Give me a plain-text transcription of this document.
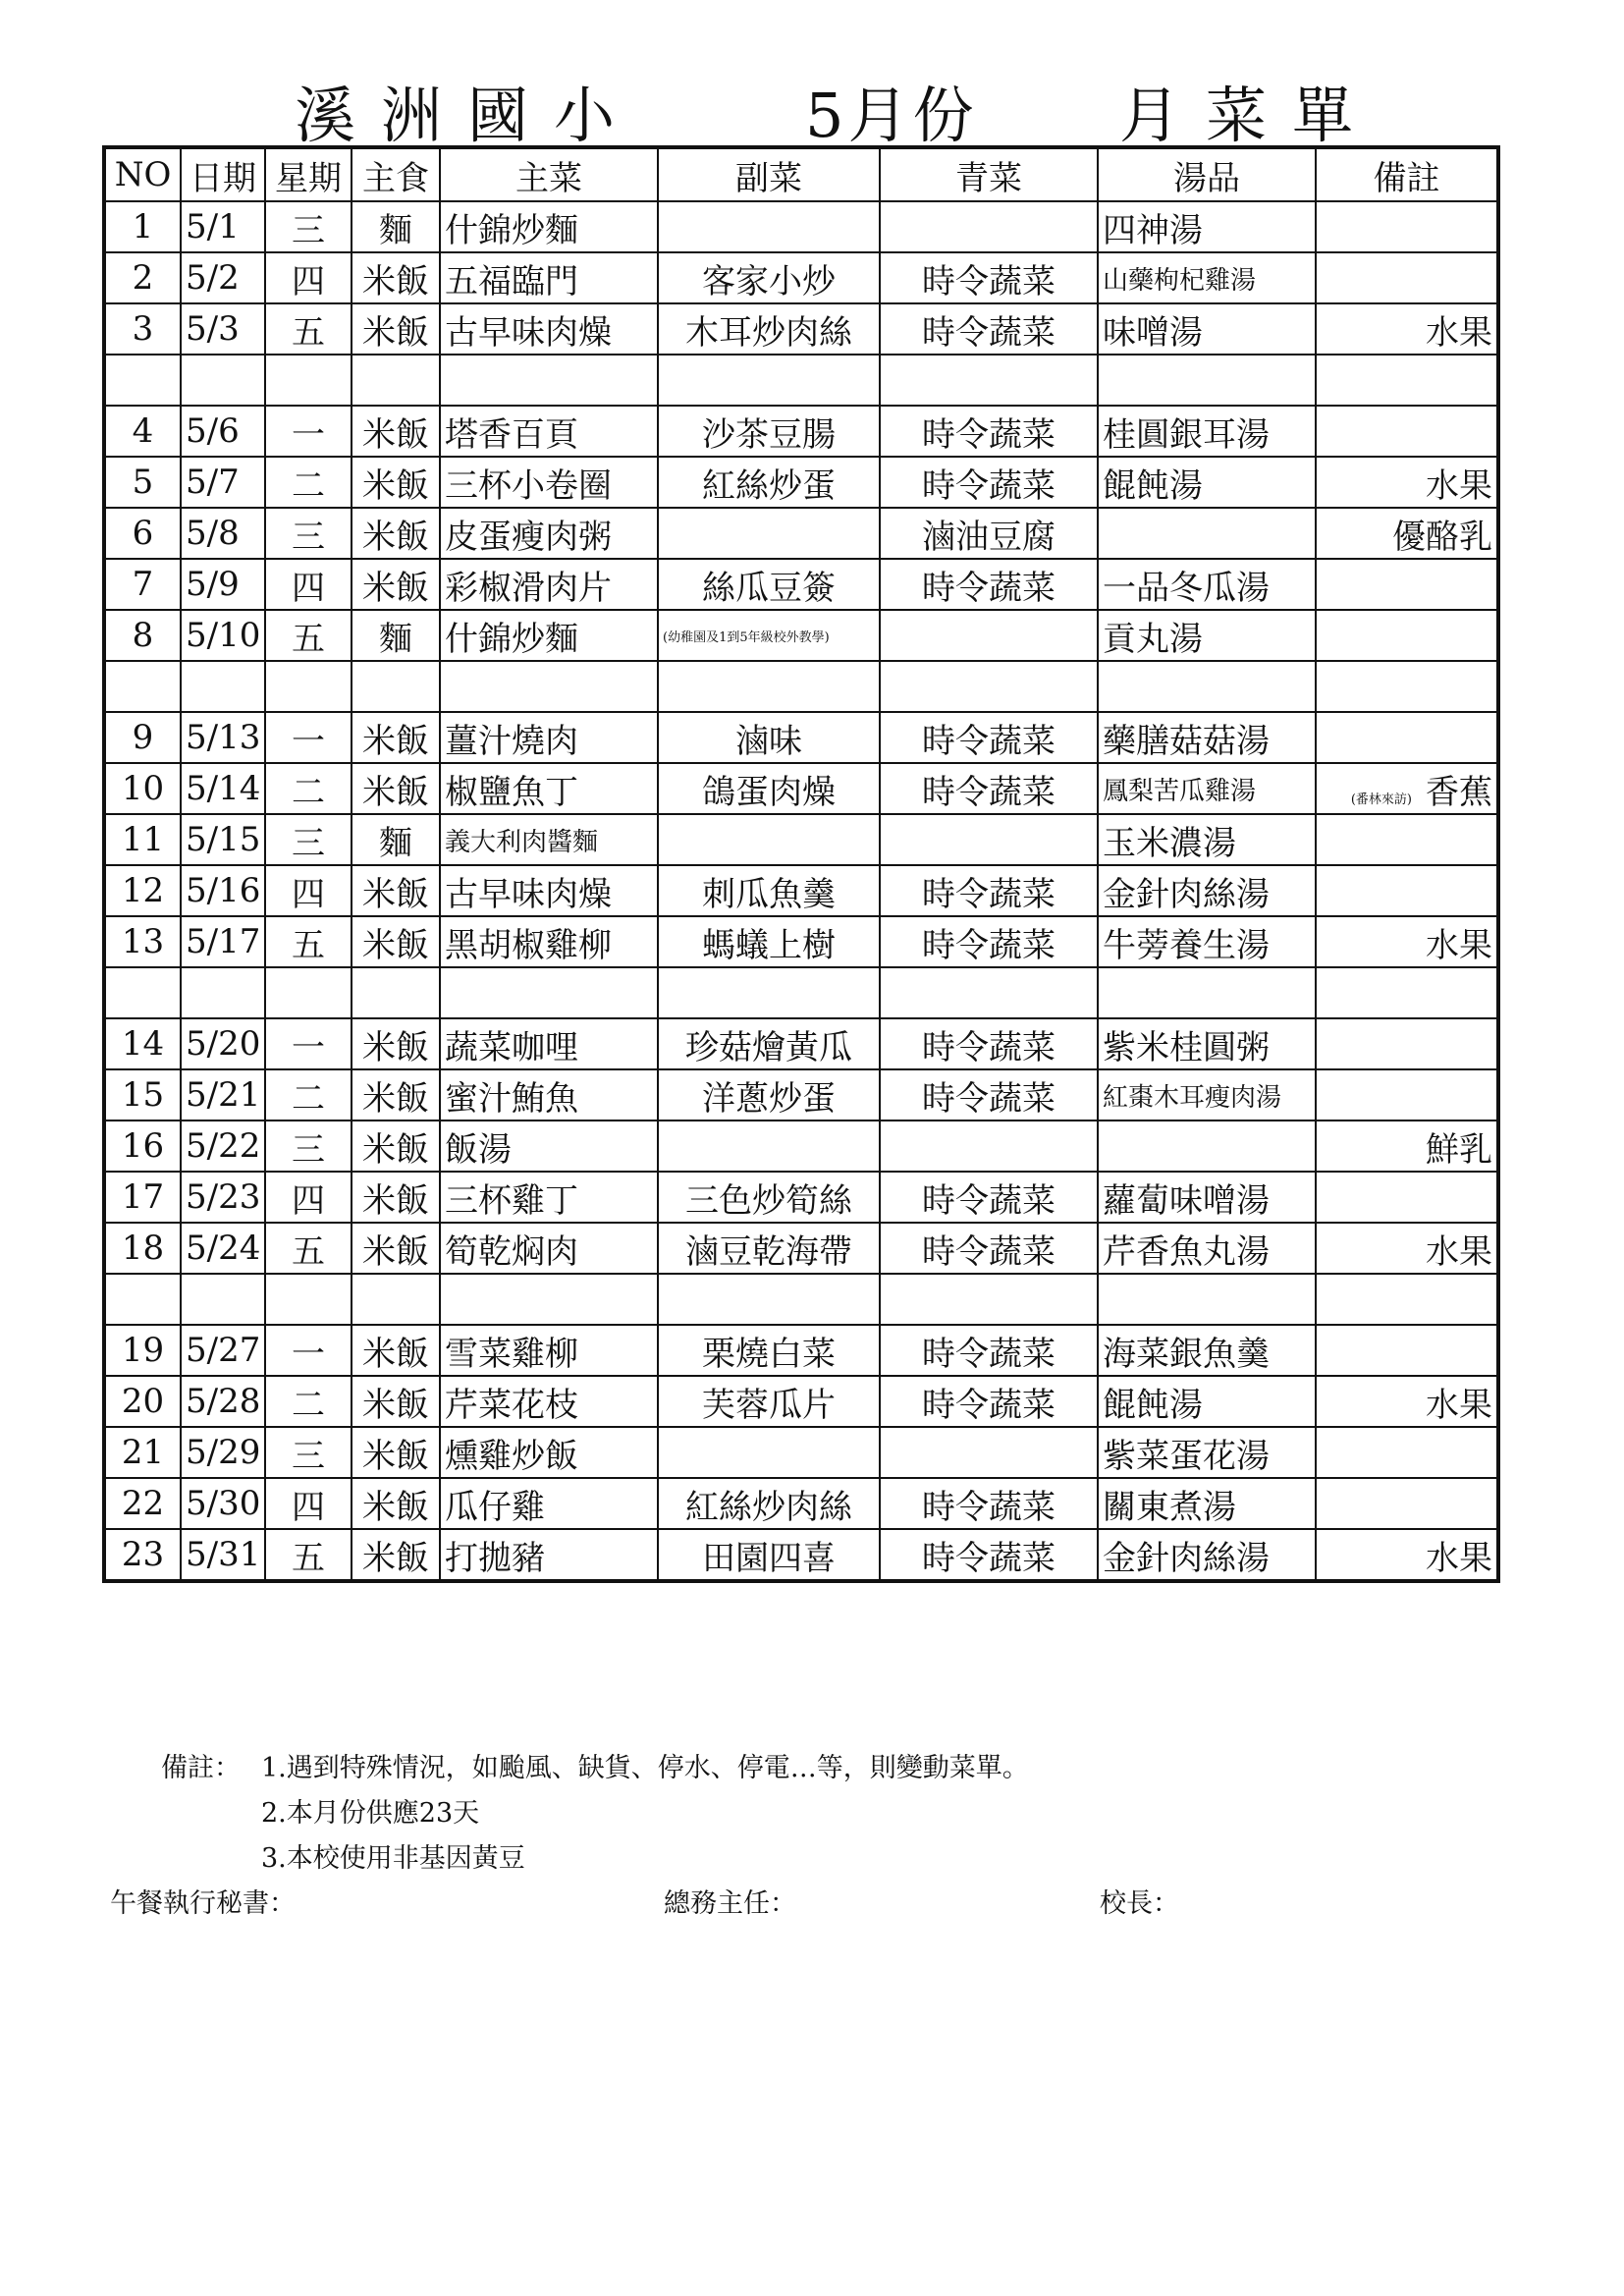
溪洲國小	5月份 月菜單
NO	日期	星期	主食	主菜	副菜	青菜	湯品	備註
1	5/1	三	麵	什錦炒麵			四神湯	
2	5/2	四	米飯	五福臨門	客家小炒	時令蔬菜	山藥枸杞雞湯	
3	5/3	五	米飯	古早味肉燥	木耳炒肉絲	時令蔬菜	味噌湯	水果

4	5/6	一	米飯	塔香百頁	沙茶豆腸	時令蔬菜	桂圓銀耳湯	
5	5/7	二	米飯	三杯小卷圈	紅絲炒蛋	時令蔬菜	餛飩湯	水果
6	5/8	三	米飯	皮蛋瘦肉粥		滷油豆腐		優酪乳
7	5/9	四	米飯	彩椒滑肉片	絲瓜豆簽	時令蔬菜	一品冬瓜湯	
8	5/10	五	麵	什錦炒麵	(幼稚園及1到5年級校外教學)		貢丸湯	

9	5/13	一	米飯	薑汁燒肉	滷味	時令蔬菜	藥膳菇菇湯	
10	5/14	二	米飯	椒鹽魚丁	鴿蛋肉燥	時令蔬菜	鳳梨苦瓜雞湯	(番林來訪) 香蕉
11	5/15	三	麵	義大利肉醬麵			玉米濃湯	
12	5/16	四	米飯	古早味肉燥	刺瓜魚羹	時令蔬菜	金針肉絲湯	
13	5/17	五	米飯	黑胡椒雞柳	螞蟻上樹	時令蔬菜	牛蒡養生湯	水果

14	5/20	一	米飯	蔬菜咖哩	珍菇燴黃瓜	時令蔬菜	紫米桂圓粥	
15	5/21	二	米飯	蜜汁鮪魚	洋蔥炒蛋	時令蔬菜	紅棗木耳瘦肉湯	
16	5/22	三	米飯	飯湯				鮮乳
17	5/23	四	米飯	三杯雞丁	三色炒筍絲	時令蔬菜	蘿蔔味噌湯	
18	5/24	五	米飯	筍乾焖肉	滷豆乾海帶	時令蔬菜	芹香魚丸湯	水果

19	5/27	一	米飯	雪菜雞柳	栗燒白菜	時令蔬菜	海菜銀魚羹	
20	5/28	二	米飯	芹菜花枝	芙蓉瓜片	時令蔬菜	餛飩湯	水果
21	5/29	三	米飯	燻雞炒飯			紫菜蛋花湯	
22	5/30	四	米飯	瓜仔雞	紅絲炒肉絲	時令蔬菜	關東煮湯	
23	5/31	五	米飯	打拋豬	田園四喜	時令蔬菜	金針肉絲湯	水果
備註： 1.遇到特殊情況，如颱風、缺貨、停水、停電…等，則變動菜單。
2.本月份供應23天
3.本校使用非基因黃豆
午餐執行秘書：	總務主任：	校長：
